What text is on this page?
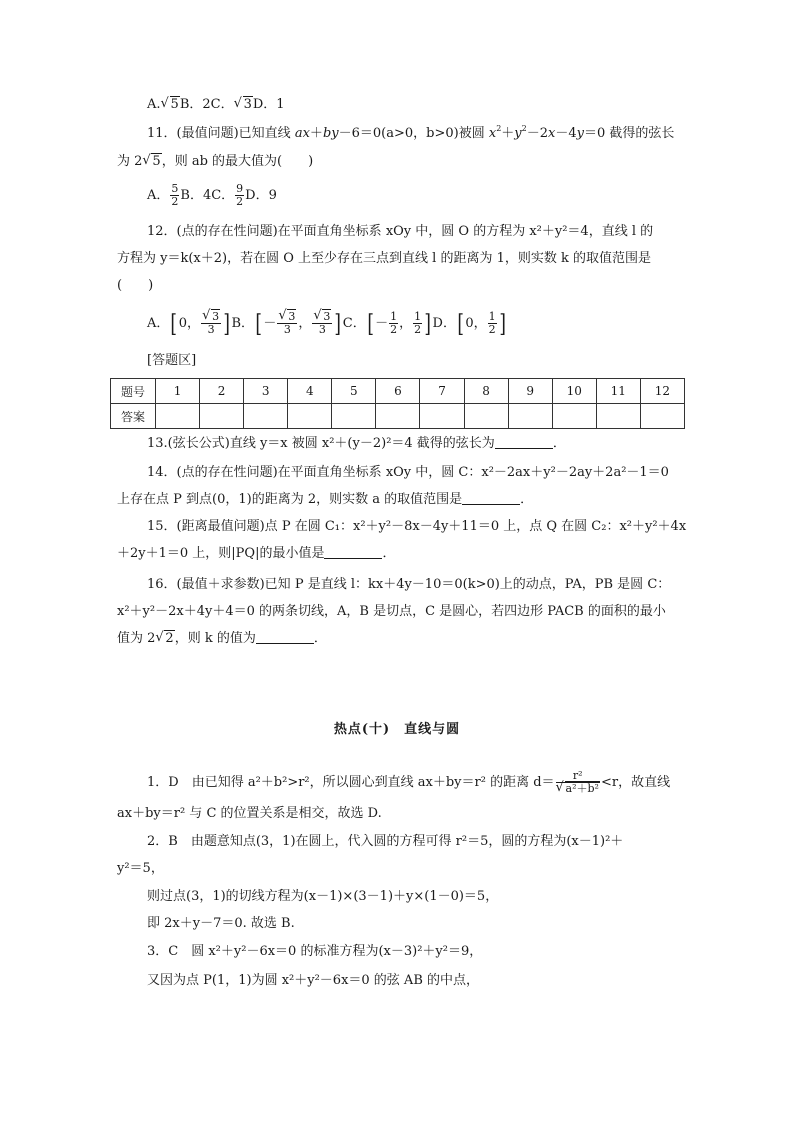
A. √ 5B．2C． √ 3D．1
11．(最值问题)已知直线 ax＋by－6＝0(a>0，b>0)被圆 $x^2+y^2-2x-4y=0$ 截得的弦长
为 2 √ 5，则 ab 的最大值为(　　)
A． $\frac{5}{2}$ B．4C． $\frac{9}{2}$ D．9
12．(点的存在性问题)在平面直角坐标系 xOy 中，圆 O 的方程为 x²＋y²＝4，直线 l 的
方程为 y＝k(x＋2)，若在圆 O 上至少存在三点到直线 l 的距离为 1，则实数 k 的取值范围是
(　　)
A．[0， √ $\frac{3}{3} ]B$．[－ √ $\frac{3}{3}$ ， √ $\frac{3}{3} ]C$．[－ $\frac{1}{2}$ ， $\frac{1}{2} ]D$．[0， $\frac{1}{2}$ ]
[答题区]
题号	1	2	3	4	5	6	7	8	9	10	11	12
答案												
13.(弦长公式)直线 y＝x 被圆 x²＋(y－2)²＝4 截得的弦长为	．
14．(点的存在性问题)在平面直角坐标系 xOy 中，圆 C：x²－2ax＋y²－2ay＋2a²－1＝0
上存在点 P 到点(0，1)的距离为 2，则实数 a 的取值范围是	．
15．(距离最值问题)点 P 在圆 C₁：x²＋y²－8x－4y＋11＝0 上，点 Q 在圆 C₂：x²＋y²＋4x
＋2y＋1＝0 上，则|PQ|的最小值是	．
16．(最值＋求参数)已知 P 是直线 l：kx＋4y－10＝0(k>0)上的动点，PA，PB 是圆 C：
x²＋y²－2x＋4y＋4＝0 的两条切线，A，B 是切点，C 是圆心，若四边形 PACB 的面积的最小
值为 2 √ 2，则 k 的值为	．
热点(十)　直线与圆
1．D　由已知得 a²＋b²>r²，所以圆心到直线 ax＋by＝r² 的距离 d＝ r²
√ a²＋b² <r，故直线
ax＋by＝r² 与 C 的位置关系是相交，故选 D.
2．B　由题意知点(3，1)在圆上，代入圆的方程可得 r²＝5，圆的方程为(x－1)²＋
y²＝5，
则过点(3，1)的切线方程为(x－1)×(3－1)＋y×(1－0)＝5，
即 2x＋y－7＝0. 故选 B.
3．C　圆 x²＋y²－6x＝0 的标准方程为(x－3)²＋y²＝9，
又因为点 P(1，1)为圆 x²＋y²－6x＝0 的弦 AB 的中点，
